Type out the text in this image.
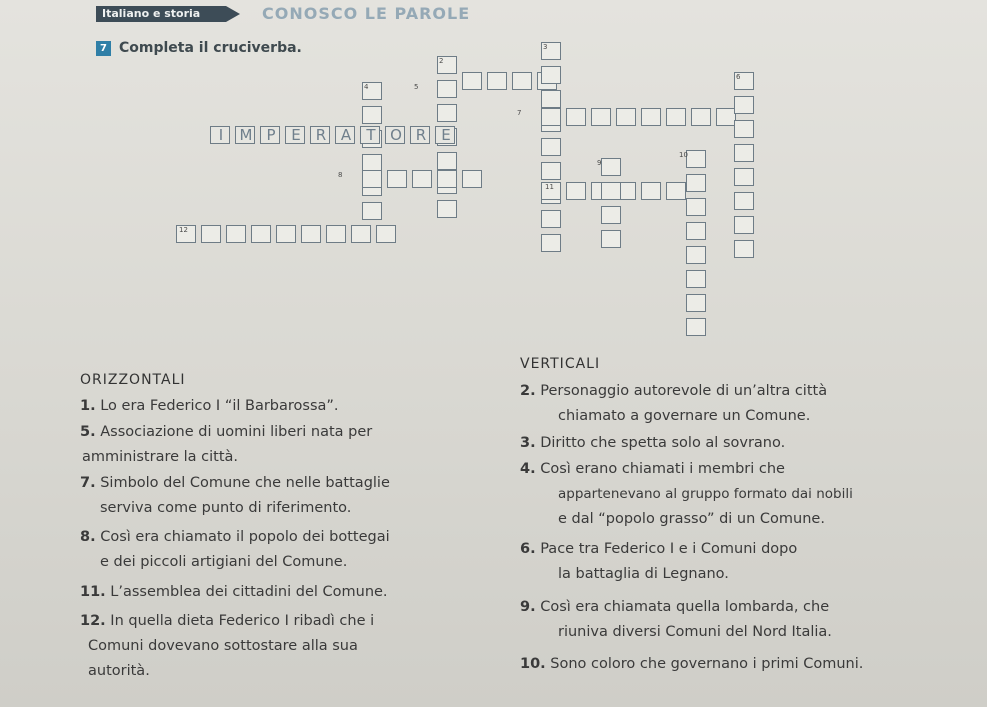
Italiano e storia	CONOSCO LE PAROLE
7 Completa il cruciverba.
I	M P	E	R A	T O R	E
2
3
4	5
6
7
8
9
10
11
12
ORIZZONTALI
VERTICALI
1. Lo era Federico I “il Barbarossa”.
5. Associazione di uomini liberi nata per
amministrare la città.
7. Simbolo del Comune che nelle battaglie
serviva come punto di riferimento.
8. Così era chiamato il popolo dei bottegai
e dei piccoli artigiani del Comune.
11. L’assemblea dei cittadini del Comune.
12. In quella dieta Federico I ribadì che i
Comuni dovevano sottostare alla sua
autorità.
2. Personaggio autorevole di un’altra città
chiamato a governare un Comune.
3. Diritto che spetta solo al sovrano.
4. Così erano chiamati i membri che
appartenevano al gruppo formato dai nobili
e dal “popolo grasso” di un Comune.
6. Pace tra Federico I e i Comuni dopo
la battaglia di Legnano.
9. Così era chiamata quella lombarda, che
riuniva diversi Comuni del Nord Italia.
10. Sono coloro che governano i primi Comuni.
